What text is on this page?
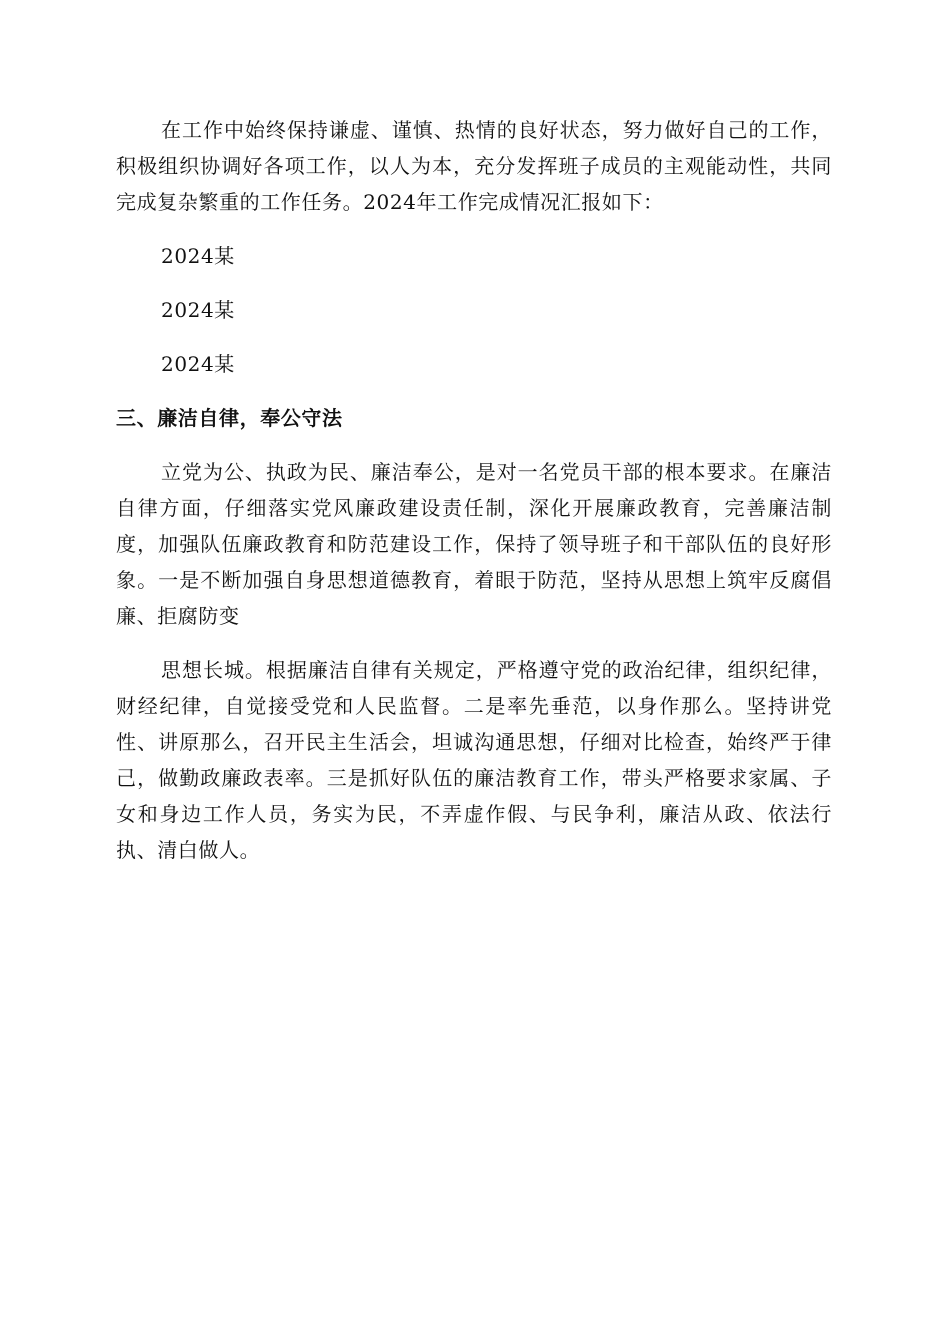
在工作中始终保持谦虚、谨慎、热情的良好状态，努力做好自己的工作，积极组织协调好各项工作，以人为本，充分发挥班子成员的主观能动性，共同完成复杂繁重的工作任务。2024年工作完成情况汇报如下：

2024某

2024某

2024某

三、廉洁自律，奉公守法

立党为公、执政为民、廉洁奉公，是对一名党员干部的根本要求。在廉洁自律方面，仔细落实党风廉政建设责任制，深化开展廉政教育，完善廉洁制度，加强队伍廉政教育和防范建设工作，保持了领导班子和干部队伍的良好形象。一是不断加强自身思想道德教育，着眼于防范，坚持从思想上筑牢反腐倡廉、拒腐防变

思想长城。根据廉洁自律有关规定，严格遵守党的政治纪律，组织纪律，财经纪律，自觉接受党和人民监督。二是率先垂范，以身作那么。坚持讲党性、讲原那么，召开民主生活会，坦诚沟通思想，仔细对比检查，始终严于律己，做勤政廉政表率。三是抓好队伍的廉洁教育工作，带头严格要求家属、子女和身边工作人员，务实为民，不弄虚作假、与民争利，廉洁从政、依法行执、清白做人。
